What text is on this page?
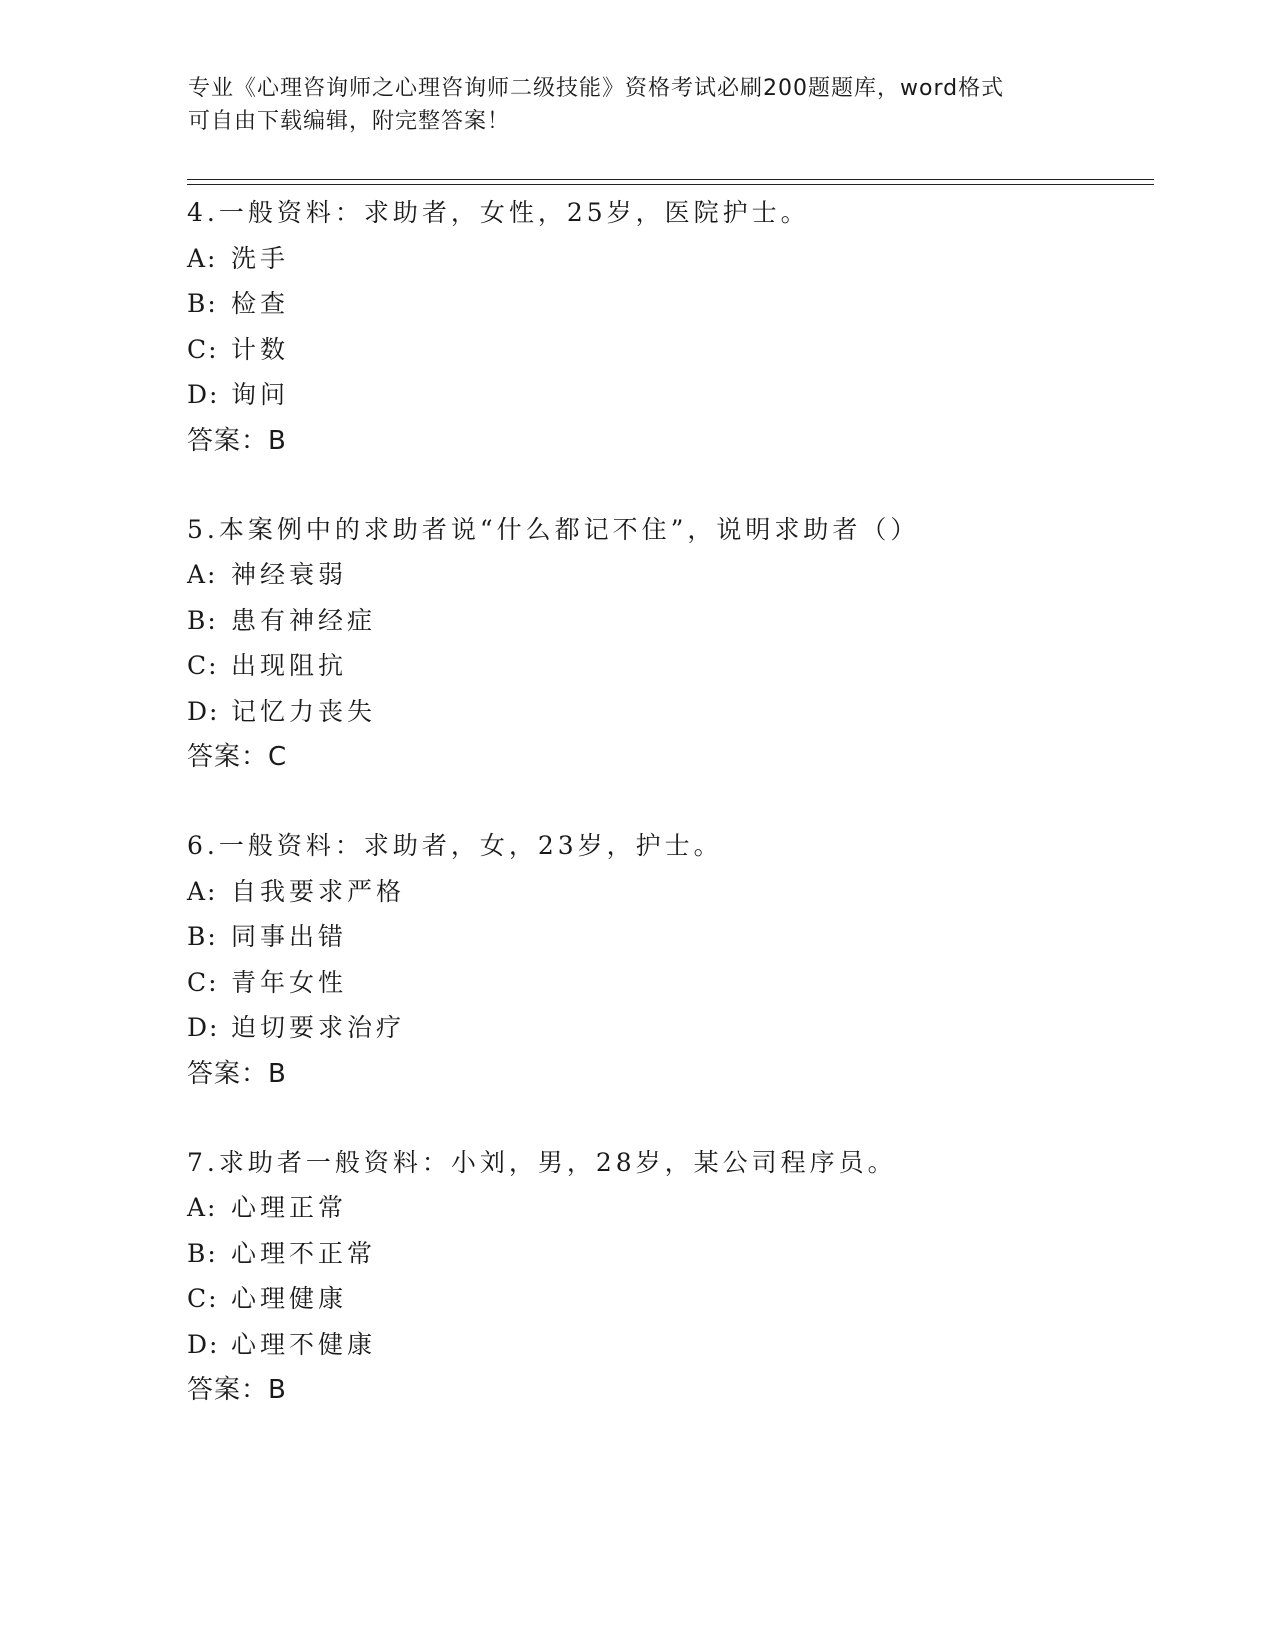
专业《心理咨询师之心理咨询师二级技能》资格考试必刷200题题库，word格式
可自由下载编辑，附完整答案！
4.一般资料：求助者，女性，25岁，医院护士。
A: 洗手
B: 检查
C: 计数
D: 询问
答案：B
5.本案例中的求助者说“什么都记不住”，说明求助者（）
A: 神经衰弱
B: 患有神经症
C: 出现阻抗
D: 记忆力丧失
答案：C
6.一般资料：求助者，女，23岁，护士。
A: 自我要求严格
B: 同事出错
C: 青年女性
D: 迫切要求治疗
答案：B
7.求助者一般资料：小刘，男，28岁，某公司程序员。
A: 心理正常
B: 心理不正常
C: 心理健康
D: 心理不健康
答案：B
